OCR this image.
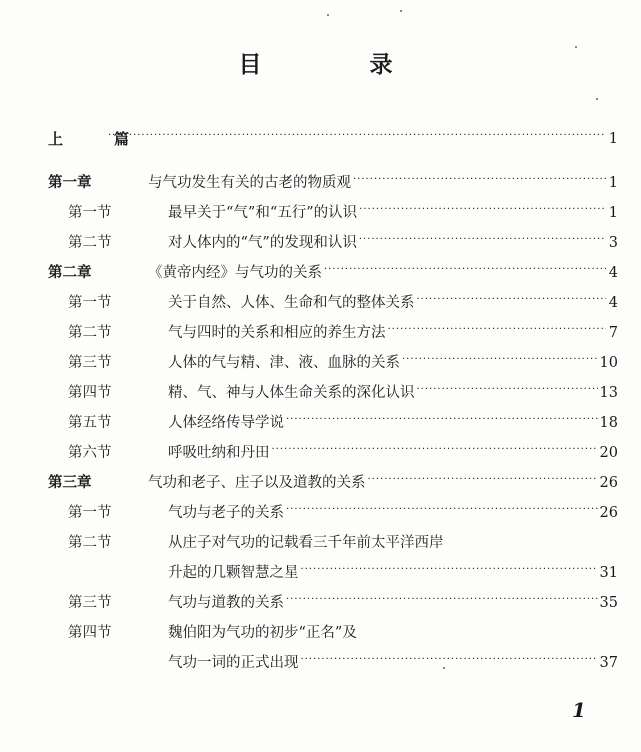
目 录
上　篇 ·····	1
第一章	与气功发生有关的古老的物质观 ·····	1
第一节	最早关于“气”和“五行”的认识 ·····	1
第二节	对人体内的“气”的发现和认识 ·····	3
第二章	《黄帝内经》与气功的关系 ·····	4
第一节	关于自然、人体、生命和气的整体关系 ·····	4
第二节	气与四时的关系和相应的养生方法 ·····	7
第三节	人体的气与精、津、液、血脉的关系 ·····	10
第四节	精、气、神与人体生命关系的深化认识 ·····	13
第五节	人体经络传导学说 ·····	18
第六节	呼吸吐纳和丹田 ·····	20
第三章	气功和老子、庄子以及道教的关系 ·····	26
第一节	气功与老子的关系 ·····	26
第二节	从庄子对气功的记载看三千年前太平洋西岸
升起的几颗智慧之星 ·····	31
第三节	气功与道教的关系 ·····	35
第四节	魏伯阳为气功的初步“正名”及
气功一词的正式出现 ·····	37
1
